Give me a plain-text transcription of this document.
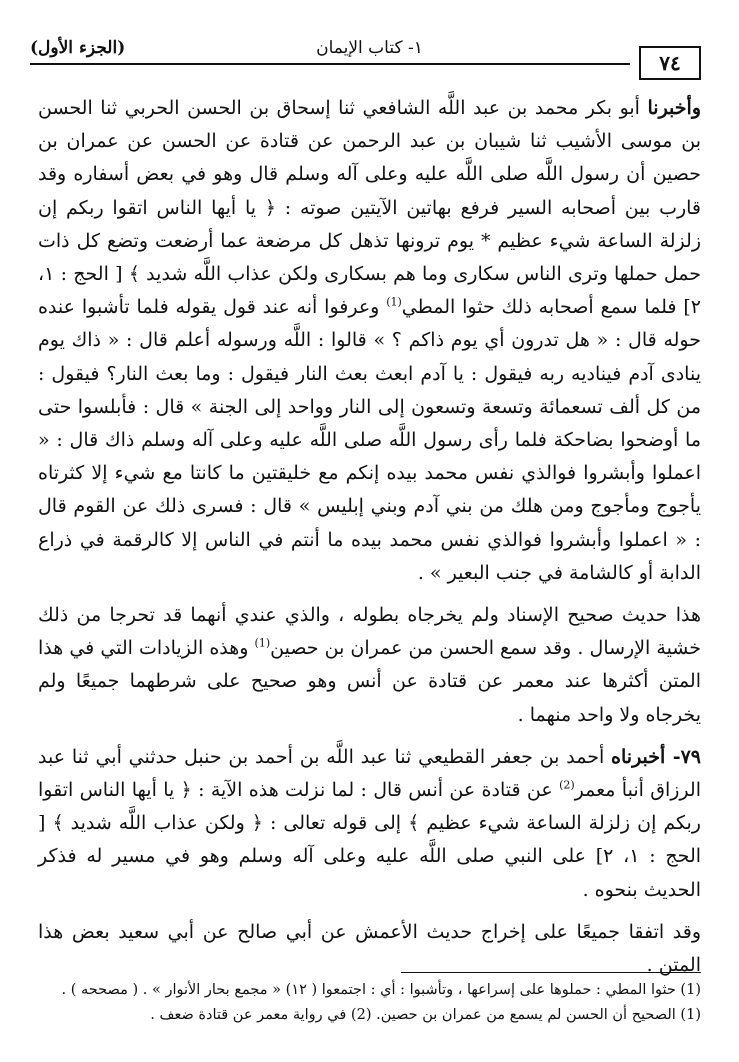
١- كتاب الإيمان
(الجزء الأول)
٧٤

وأخبرنا أبو بكر محمد بن عبد اللَّه الشافعي ثنا إسحاق بن الحسن الحربي ثنا الحسن بن موسى الأشيب ثنا شيبان بن عبد الرحمن عن قتادة عن الحسن عن عمران بن حصين أن رسول اللَّه صلى اللَّه عليه وعلى آله وسلم قال وهو في بعض أسفاره وقد قارب بين أصحابه السير فرفع بهاتين الآيتين صوته : ﴿ يا أيها الناس اتقوا ربكم إن زلزلة الساعة شيء عظيم * يوم ترونها تذهل كل مرضعة عما أرضعت وتضع كل ذات حمل حملها وترى الناس سكارى وما هم بسكارى ولكن عذاب اللَّه شديد ﴾ [ الحج : ١، ٢] فلما سمع أصحابه ذلك حثوا المطي$^{(1)}$ وعرفوا أنه عند قول يقوله فلما تأشبوا عنده حوله قال : « هل تدرون أي يوم ذاكم ؟ » قالوا : اللَّه ورسوله أعلم قال : « ذاك يوم ينادى آدم فيناديه ربه فيقول : يا آدم ابعث بعث النار فيقول : وما بعث النار؟ فيقول : من كل ألف تسعمائة وتسعة وتسعون إلى النار وواحد إلى الجنة » قال : فأبلسوا حتى ما أوضحوا بضاحكة فلما رأى رسول اللَّه صلى اللَّه عليه وعلى آله وسلم ذاك قال : « اعملوا وأبشروا فوالذي نفس محمد بيده إنكم مع خليقتين ما كانتا مع شيء إلا كثرتاه يأجوج ومأجوج ومن هلك من بني آدم وبني إبليس » قال : فسرى ذلك عن القوم قال : « اعملوا وأبشروا فوالذي نفس محمد بيده ما أنتم في الناس إلا كالرقمة في ذراع الدابة أو كالشامة في جنب البعير » .

هذا حديث صحيح الإسناد ولم يخرجاه بطوله ، والذي عندي أنهما قد تحرجا من ذلك خشية الإرسال . وقد سمع الحسن من عمران بن حصين$^{(1)}$ وهذه الزيادات التي في هذا المتن أكثرها عند معمر عن قتادة عن أنس وهو صحيح على شرطهما جميعًا ولم يخرجاه ولا واحد منهما .

٧٩- أخبرناه أحمد بن جعفر القطيعي ثنا عبد اللَّه بن أحمد بن حنبل حدثني أبي ثنا عبد الرزاق أنبأ معمر$^{(2)}$ عن قتادة عن أنس قال : لما نزلت هذه الآية : ﴿ يا أيها الناس اتقوا ربكم إن زلزلة الساعة شيء عظيم ﴾ إلى قوله تعالى : ﴿ ولكن عذاب اللَّه شديد ﴾ [ الحج : ١، ٢] على النبي صلى اللَّه عليه وعلى آله وسلم وهو في مسير له فذكر الحديث بنحوه .

وقد اتفقا جميعًا على إخراج حديث الأعمش عن أبي صالح عن أبي سعيد بعض هذا المتن .

(1) حثوا المطي : حملوها على إسراعها ، وتأشبوا : أي : اجتمعوا ( ١٢) « مجمع بحار الأنوار » . ( مصححه ) .
(1) الصحيح أن الحسن لم يسمع من عمران بن حصين. (2) في رواية معمر عن قتادة ضعف .
